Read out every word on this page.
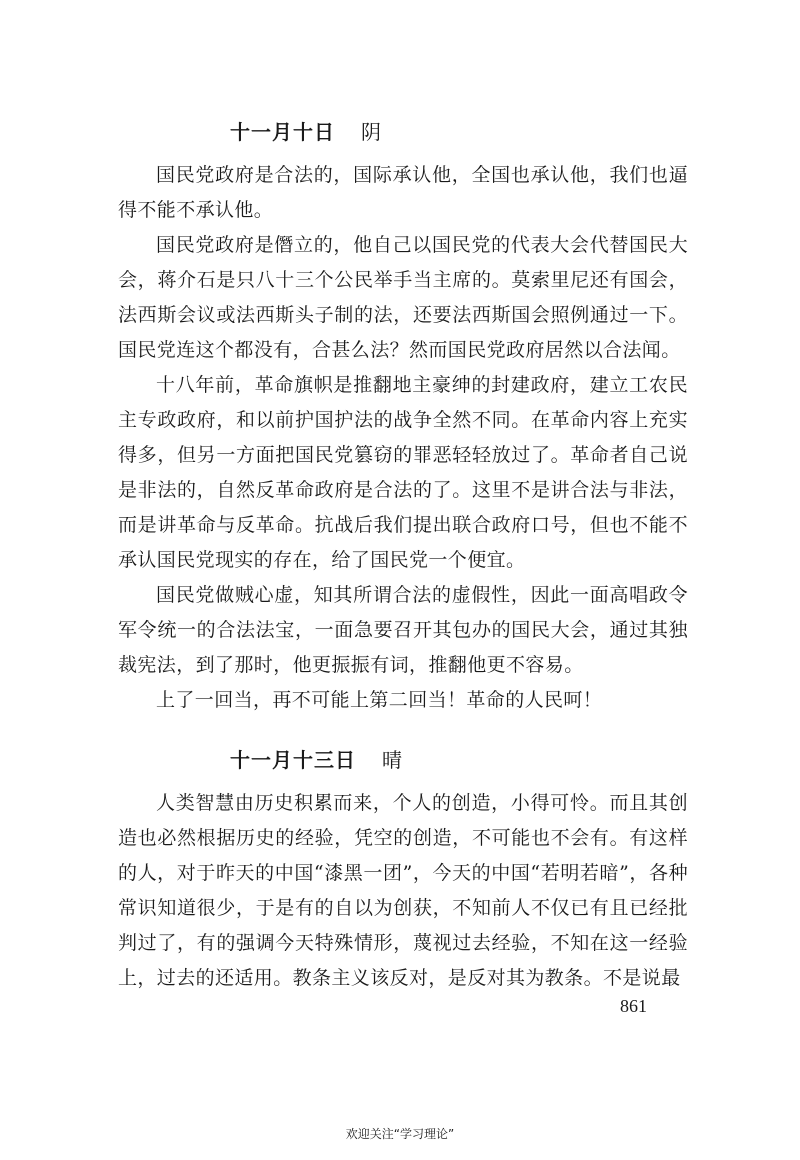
十一月十日 阴

国民党政府是合法的，国际承认他，全国也承认他，我们也逼得不能不承认他。

国民党政府是僭立的，他自己以国民党的代表大会代替国民大会，蒋介石是只八十三个公民举手当主席的。莫索里尼还有国会，法西斯会议或法西斯头子制的法，还要法西斯国会照例通过一下。国民党连这个都没有，合甚么法？然而国民党政府居然以合法闻。

十八年前，革命旗帜是推翻地主豪绅的封建政府，建立工农民主专政政府，和以前护国护法的战争全然不同。在革命内容上充实得多，但另一方面把国民党篡窃的罪恶轻轻放过了。革命者自己说是非法的，自然反革命政府是合法的了。这里不是讲合法与非法，而是讲革命与反革命。抗战后我们提出联合政府口号，但也不能不承认国民党现实的存在，给了国民党一个便宜。

国民党做贼心虚，知其所谓合法的虚假性，因此一面高唱政令军令统一的合法法宝，一面急要召开其包办的国民大会，通过其独裁宪法，到了那时，他更振振有词，推翻他更不容易。

上了一回当，再不可能上第二回当！革命的人民呵！

十一月十三日 晴

人类智慧由历史积累而来，个人的创造，小得可怜。而且其创造也必然根据历史的经验，凭空的创造，不可能也不会有。有这样的人，对于昨天的中国“漆黑一团”，今天的中国“若明若暗”，各种常识知道很少，于是有的自以为创获，不知前人不仅已有且已经批判过了，有的强调今天特殊情形，蔑视过去经验，不知在这一经验上，过去的还适用。教条主义该反对，是反对其为教条。不是说最

861
欢迎关注“学习理论”
